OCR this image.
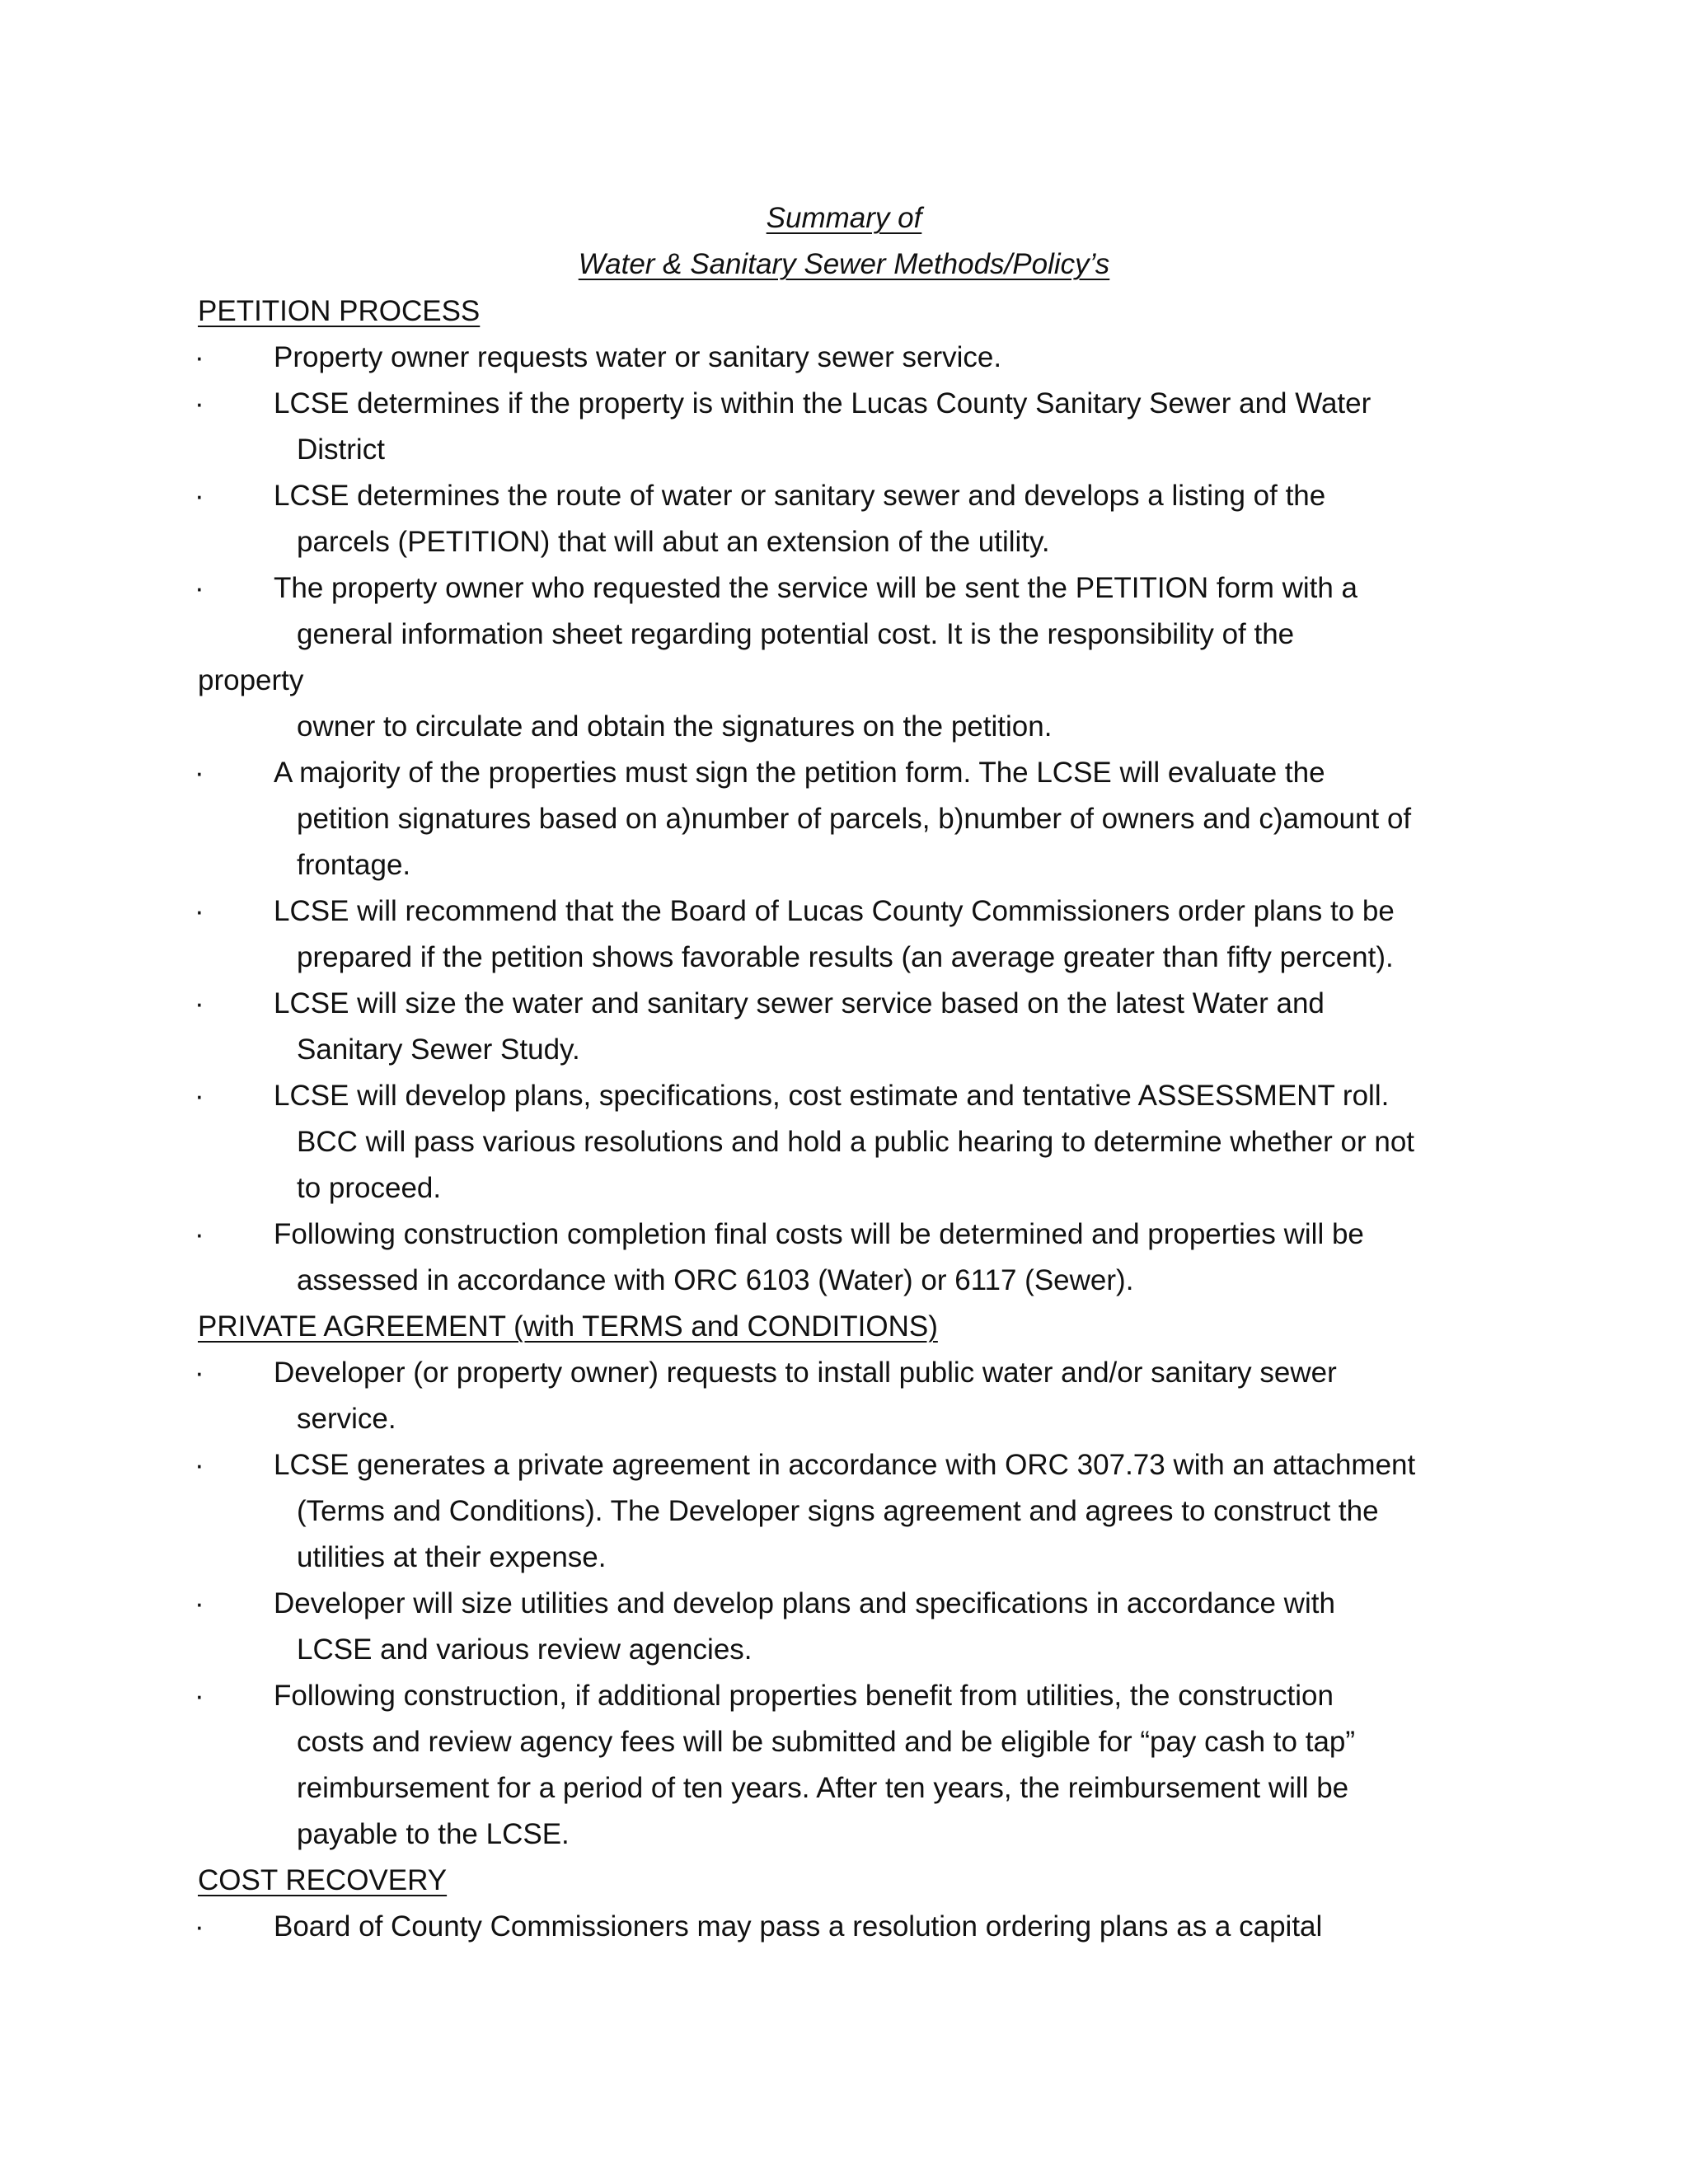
Summary of
Water & Sanitary Sewer Methods/Policy’s
PETITION PROCESS
· Property owner requests water or sanitary sewer service.
· LCSE determines if the property is within the Lucas County Sanitary Sewer and Water
District
· LCSE determines the route of water or sanitary sewer and develops a listing of the
parcels (PETITION) that will abut an extension of the utility.
· The property owner who requested the service will be sent the PETITION form with a
general information sheet regarding potential cost. It is the responsibility of the
property
owner to circulate and obtain the signatures on the petition.
· A majority of the properties must sign the petition form. The LCSE will evaluate the
petition signatures based on a)number of parcels, b)number of owners and c)amount of
frontage.
· LCSE will recommend that the Board of Lucas County Commissioners order plans to be
prepared if the petition shows favorable results (an average greater than fifty percent).
· LCSE will size the water and sanitary sewer service based on the latest Water and
Sanitary Sewer Study.
· LCSE will develop plans, specifications, cost estimate and tentative ASSESSMENT roll.
BCC will pass various resolutions and hold a public hearing to determine whether or not
to proceed.
· Following construction completion final costs will be determined and properties will be
assessed in accordance with ORC 6103 (Water) or 6117 (Sewer).
PRIVATE AGREEMENT (with TERMS and CONDITIONS)
· Developer (or property owner) requests to install public water and/or sanitary sewer
service.
· LCSE generates a private agreement in accordance with ORC 307.73 with an attachment
(Terms and Conditions). The Developer signs agreement and agrees to construct the
utilities at their expense.
· Developer will size utilities and develop plans and specifications in accordance with
LCSE and various review agencies.
· Following construction, if additional properties benefit from utilities, the construction
costs and review agency fees will be submitted and be eligible for “pay cash to tap”
reimbursement for a period of ten years. After ten years, the reimbursement will be
payable to the LCSE.
COST RECOVERY
· Board of County Commissioners may pass a resolution ordering plans as a capital
